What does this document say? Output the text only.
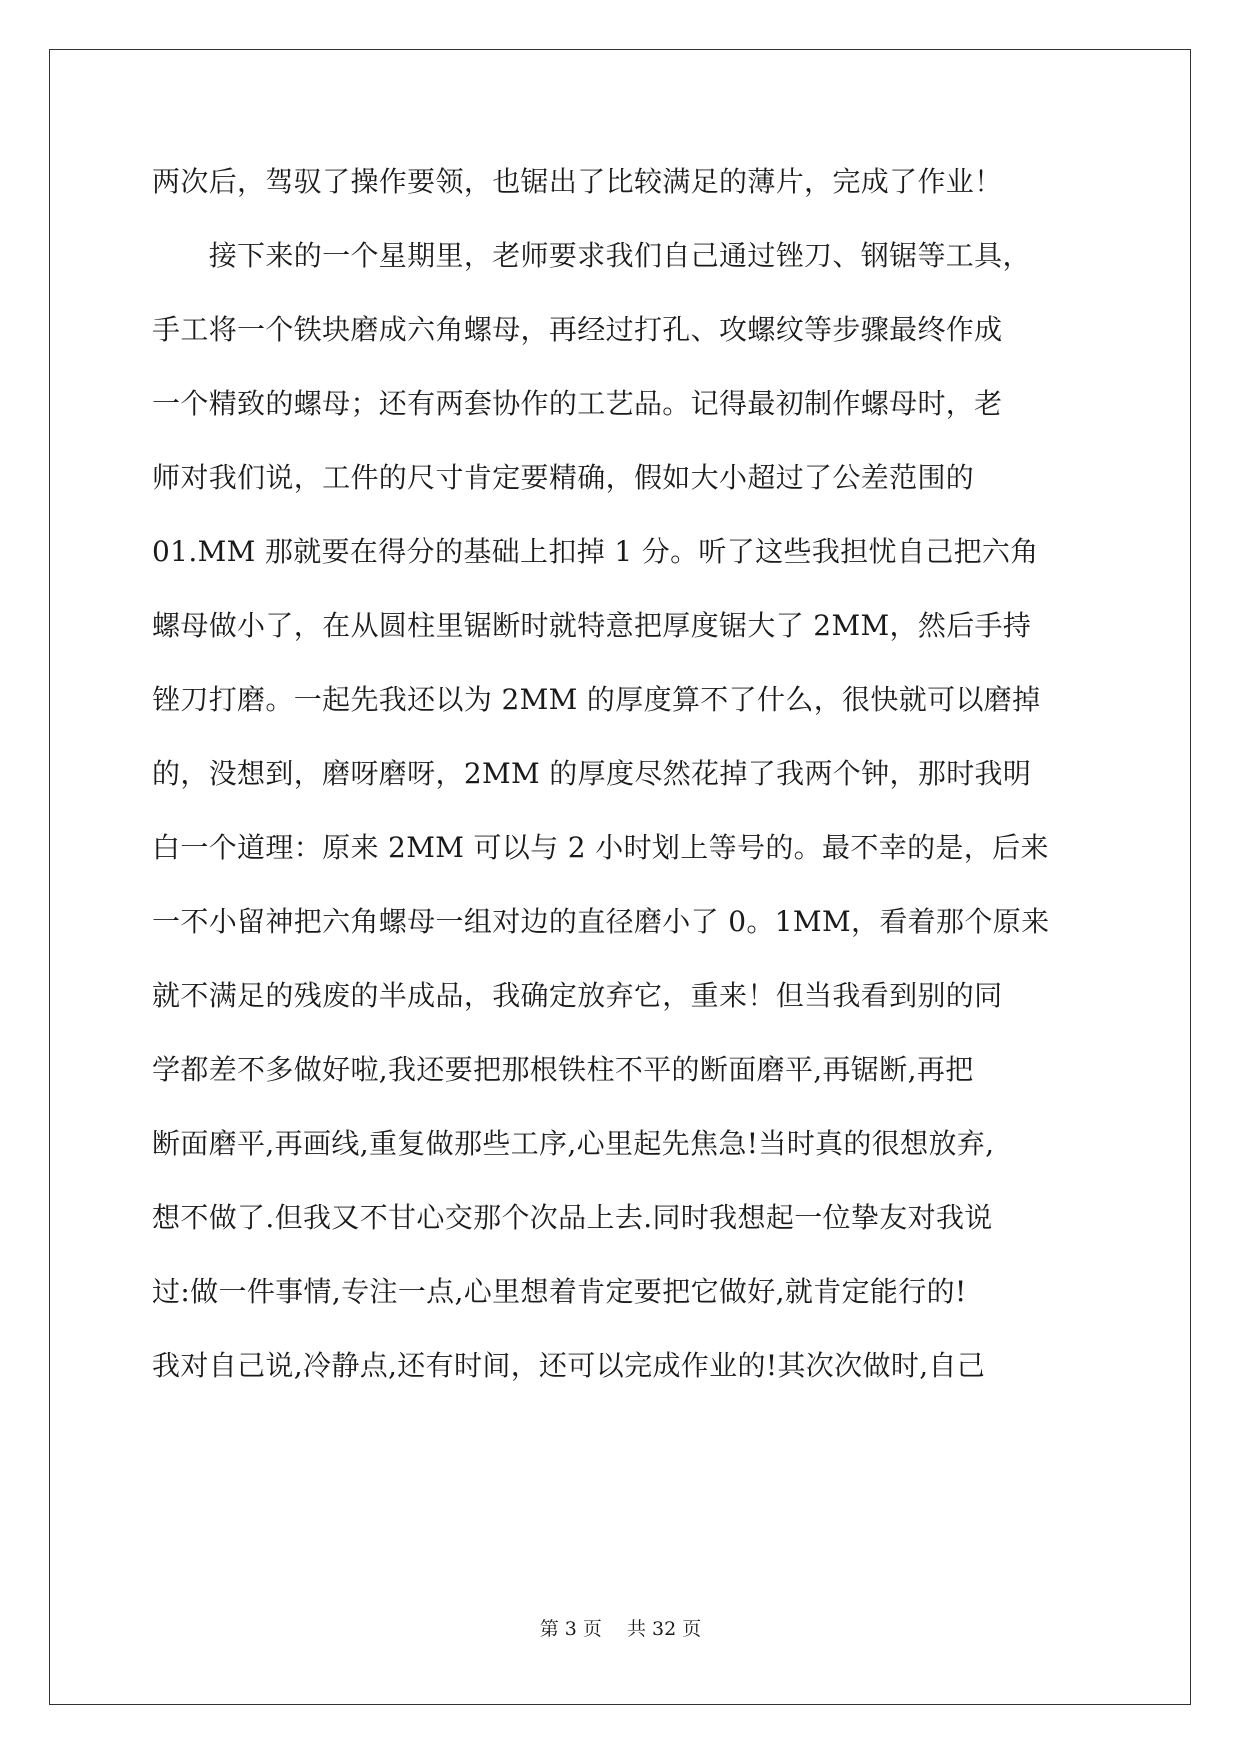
两次后，驾驭了操作要领，也锯出了比较满足的薄片，完成了作业！
　　接下来的一个星期里，老师要求我们自己通过锉刀、钢锯等工具，
手工将一个铁块磨成六角螺母，再经过打孔、攻螺纹等步骤最终作成
一个精致的螺母；还有两套协作的工艺品。记得最初制作螺母时，老
师对我们说，工件的尺寸肯定要精确，假如大小超过了公差范围的
01.MM 那就要在得分的基础上扣掉 1 分。听了这些我担忧自己把六角
螺母做小了，在从圆柱里锯断时就特意把厚度锯大了 2MM，然后手持
锉刀打磨。一起先我还以为 2MM 的厚度算不了什么，很快就可以磨掉
的，没想到，磨呀磨呀，2MM 的厚度尽然花掉了我两个钟，那时我明
白一个道理：原来 2MM 可以与 2 小时划上等号的。最不幸的是，后来
一不小留神把六角螺母一组对边的直径磨小了 0。1MM，看着那个原来
就不满足的残废的半成品，我确定放弃它，重来！但当我看到别的同
学都差不多做好啦,我还要把那根铁柱不平的断面磨平,再锯断,再把
断面磨平,再画线,重复做那些工序,心里起先焦急!当时真的很想放弃,
想不做了.但我又不甘心交那个次品上去.同时我想起一位挚友对我说
过:做一件事情,专注一点,心里想着肯定要把它做好,就肯定能行的!
我对自己说,冷静点,还有时间，还可以完成作业的!其次次做时,自己
第 3 页　 共 32 页
